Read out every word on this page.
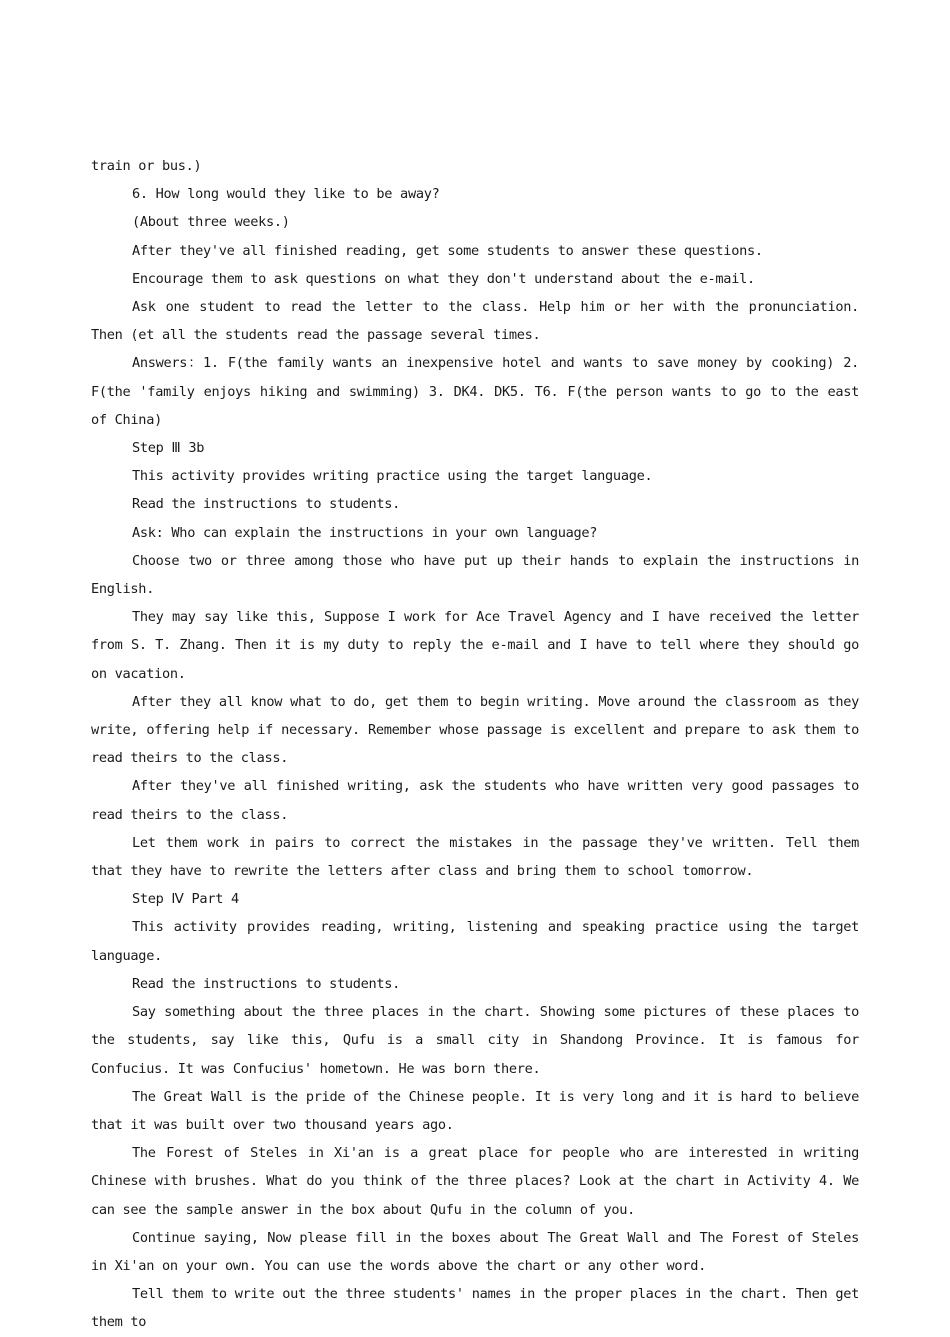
train or bus.)

6. How long would they like to be away?

(About three weeks.)

After they've all finished reading, get some students to answer these questions.

Encourage them to ask questions on what they don't understand about the e-mail.

Ask one student to read the letter to the class. Help him or her with the pronunciation. Then (et all the students read the passage several times.

Answers：1. F(the family wants an inexpensive hotel and wants to save money by cooking) 2. F(the 'family enjoys hiking and swimming) 3. DK4. DK5. T6. F(the person wants to go to the east of China)

Step Ⅲ 3b

This activity provides writing practice using the target language.

Read the instructions to students.

Ask: Who can explain the instructions in your own language?

Choose two or three among those who have put up their hands to explain the instructions in English.

They may say like this, Suppose I work for Ace Travel Agency and I have received the letter from S. T. Zhang. Then it is my duty to reply the e-mail and I have to tell where they should go on vacation.

After they all know what to do, get them to begin writing. Move around the classroom as they write, offering help if necessary. Remember whose passage is excellent and prepare to ask them to read theirs to the class.

After they've all finished writing, ask the students who have written very good passages to read theirs to the class.

Let them work in pairs to correct the mistakes in the passage they've written. Tell them that they have to rewrite the letters after class and bring them to school tomorrow.

Step Ⅳ Part 4

This activity provides reading, writing, listening and speaking practice using the target language.

Read the instructions to students.

Say something about the three places in the chart. Showing some pictures of these places to the students, say like this, Qufu is a small city in Shandong Province. It is famous for Confucius. It was Confucius' hometown. He was born there.

The Great Wall is the pride of the Chinese people. It is very long and it is hard to believe that it was built over two thousand years ago.

The Forest of Steles in Xi'an is a great place for people who are interested in writing Chinese with brushes. What do you think of the three places? Look at the chart in Activity 4. We can see the sample answer in the box about Qufu in the column of you.

Continue saying, Now please fill in the boxes about The Great Wall and The Forest of Steles in Xi'an on your own. You can use the words above the chart or any other word.

Tell them to write out the three students' names in the proper places in the chart. Then get them to
